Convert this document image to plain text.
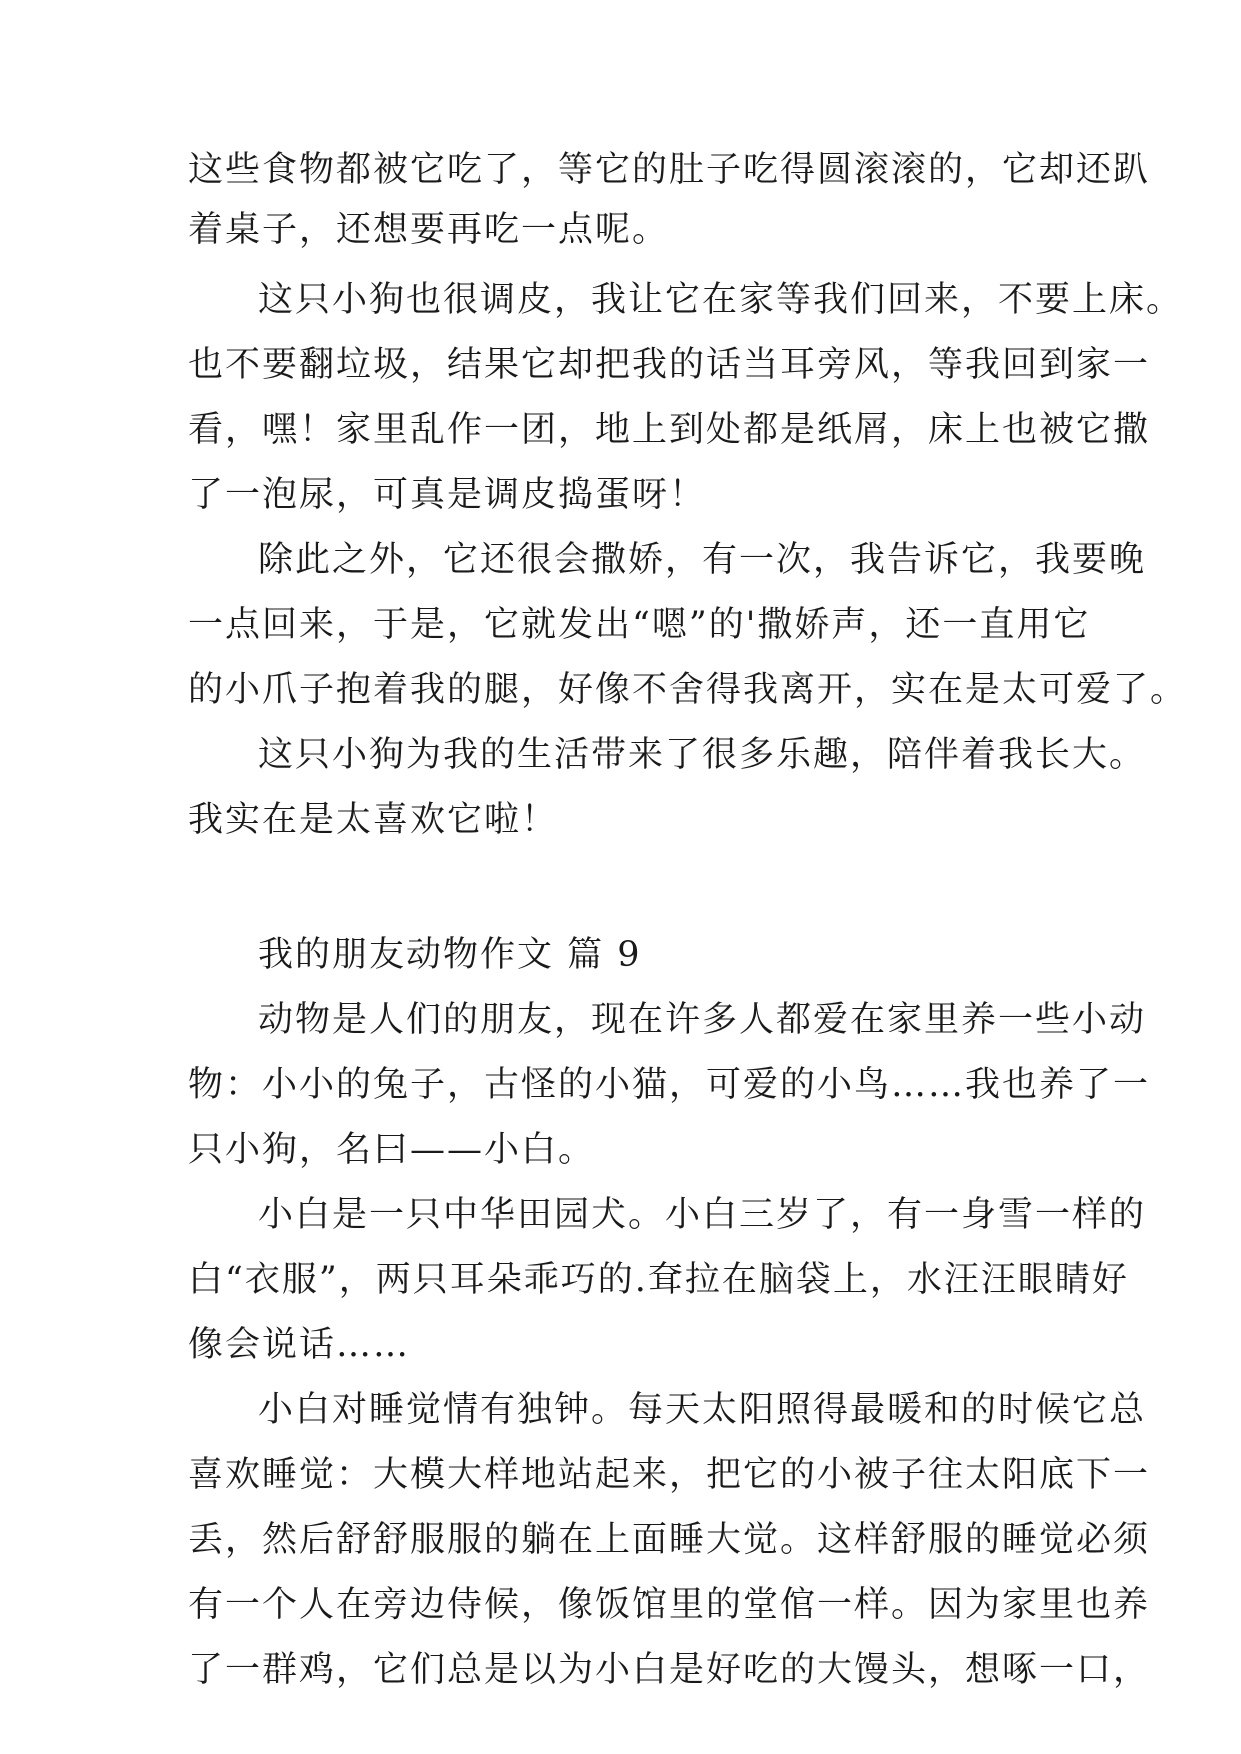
这些食物都被它吃了，等它的肚子吃得圆滚滚的，它却还趴
着桌子，还想要再吃一点呢。
这只小狗也很调皮，我让它在家等我们回来，不要上床。
也不要翻垃圾，结果它却把我的话当耳旁风，等我回到家一
看，嘿！家里乱作一团，地上到处都是纸屑，床上也被它撒
了一泡尿，可真是调皮捣蛋呀！
除此之外，它还很会撒娇，有一次，我告诉它，我要晚
一点回来，于是，它就发出“嗯”的'撒娇声，还一直用它
的小爪子抱着我的腿，好像不舍得我离开，实在是太可爱了。
这只小狗为我的生活带来了很多乐趣，陪伴着我长大。
我实在是太喜欢它啦！
我的朋友动物作文 篇 9
动物是人们的朋友，现在许多人都爱在家里养一些小动
物：小小的兔子，古怪的小猫，可爱的小鸟……我也养了一
只小狗，名曰——小白。
小白是一只中华田园犬。小白三岁了，有一身雪一样的
白“衣服”，两只耳朵乖巧的.耷拉在脑袋上，水汪汪眼睛好
像会说话……
小白对睡觉情有独钟。每天太阳照得最暖和的时候它总
喜欢睡觉：大模大样地站起来，把它的小被子往太阳底下一
丢，然后舒舒服服的躺在上面睡大觉。这样舒服的睡觉必须
有一个人在旁边侍候，像饭馆里的堂倌一样。因为家里也养
了一群鸡，它们总是以为小白是好吃的大馒头，想啄一口，
